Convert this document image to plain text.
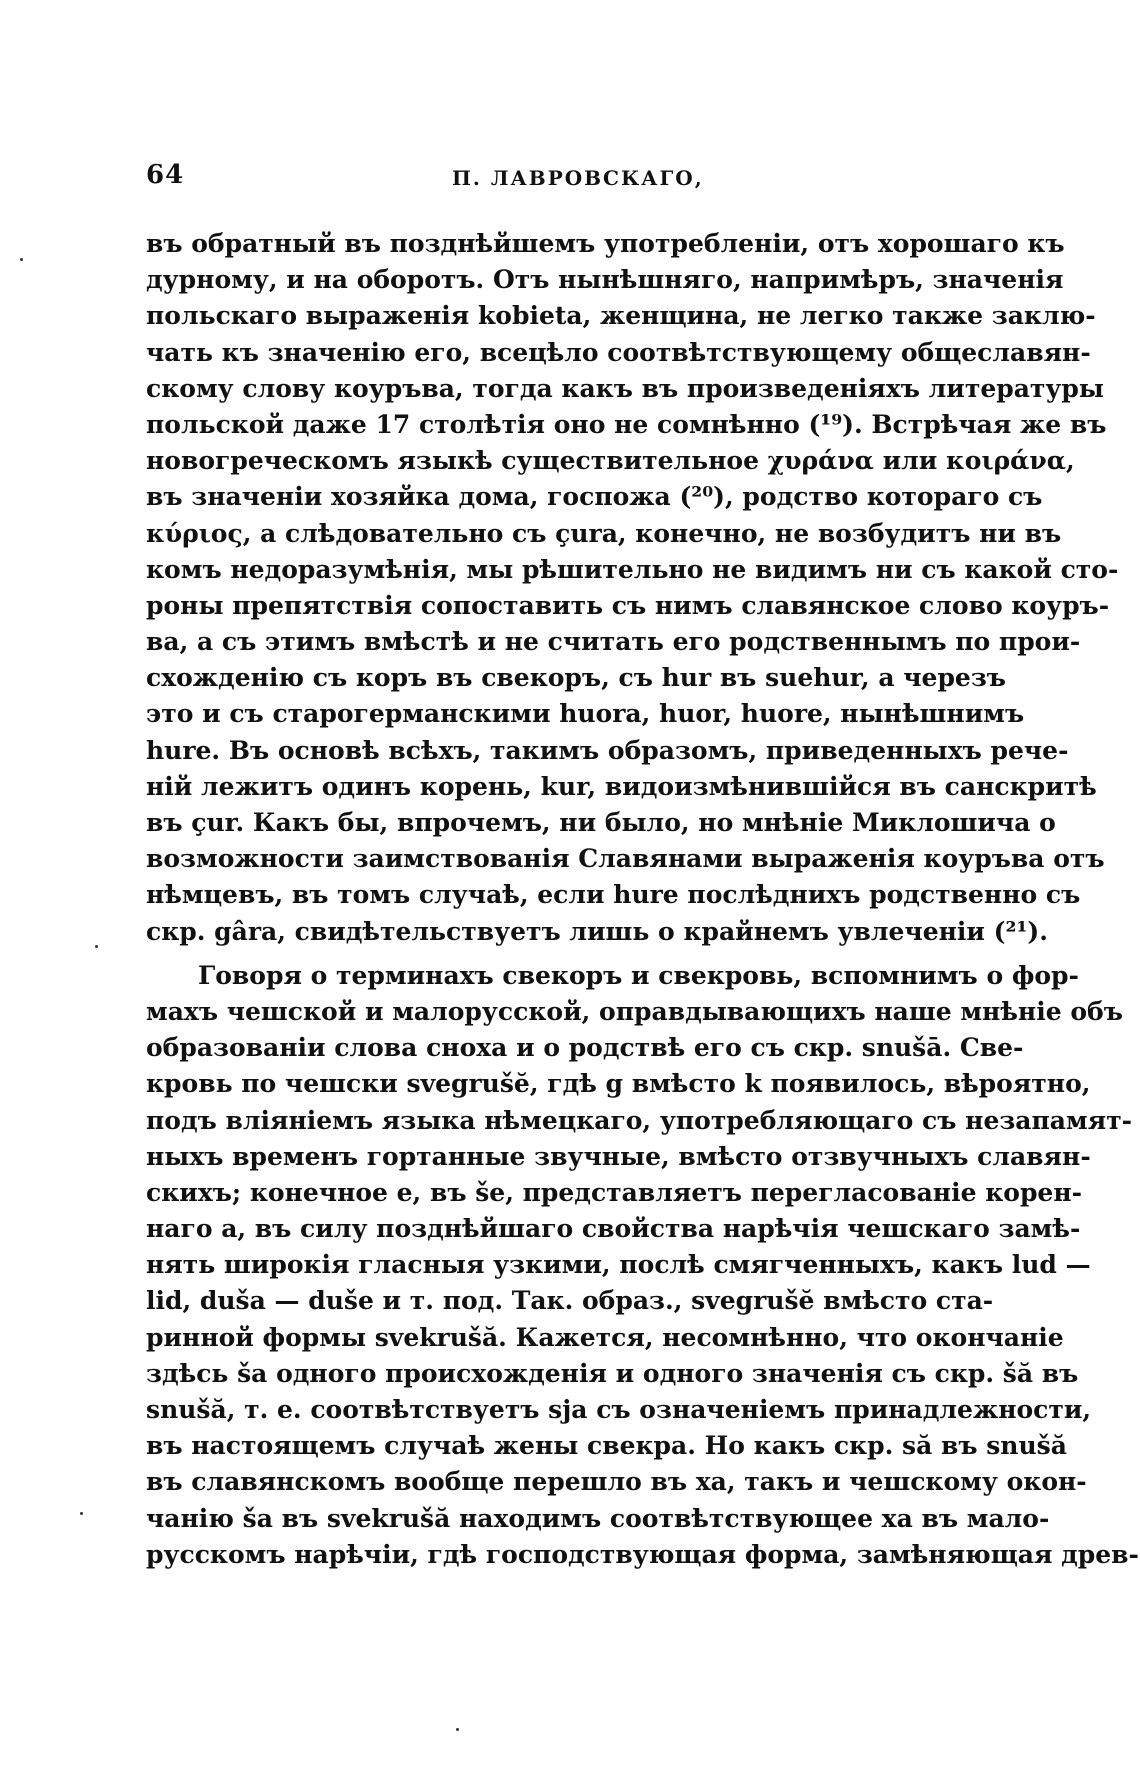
64	П. ЛАВРОВСКАГО,
въ обратный въ позднѣйшемъ употребленіи, отъ хорошаго къ
дурному, и на оборотъ. Отъ нынѣшняго, напримѣръ, значенія
польскаго выраженія kobieta, женщина, не легко также заклю-
чать къ значенію его, всецѣло соотвѣтствующему общеславян-
скому слову коуръва, тогда какъ въ произведеніяхъ литературы
польской даже 17 столѣтія оно не сомнѣнно (¹⁹). Встрѣчая же въ
новогреческомъ языкѣ существительное χυράνα или κοιράνα,
въ значеніи хозяйка дома, госпожа (²⁰), родство котораго съ
κύριος, а слѣдовательно съ çura, конечно, не возбудитъ ни въ
комъ недоразумѣнія, мы рѣшительно не видимъ ни съ какой сто-
роны препятствія сопоставить съ нимъ славянское слово коуръ-
ва, а съ этимъ вмѣстѣ и не считать его родственнымъ по прои-
схожденію съ коръ въ свекоръ, съ hur въ suehur, а черезъ
это и съ старогерманскими huora, huor, huore, нынѣшнимъ
hure. Въ основѣ всѣхъ, такимъ образомъ, приведенныхъ рече-
ній лежитъ одинъ корень, kur, видоизмѣнившійся въ санскритѣ
въ çur. Какъ бы, впрочемъ, ни было, но мнѣніе Миклошича о
возможности заимствованія Славянами выраженія коуръва отъ
нѣмцевъ, въ томъ случаѣ, если hure послѣднихъ родственно съ
скр. gâra, свидѣтельствуетъ лишь о крайнемъ увлеченіи (²¹).
Говоря о терминахъ свекоръ и свекровь, вспомнимъ о фор-
махъ чешской и малорусской, оправдывающихъ наше мнѣніе объ
образованіи слова сноха и о родствѣ его съ скр. snušā. Све-
кровь по чешски svegrušĕ, гдѣ g вмѣсто k появилось, вѣроятно,
подъ вліяніемъ языка нѣмецкаго, употребляющаго съ незапамят-
ныхъ временъ гортанные звучные, вмѣсто отзвучныхъ славян-
скихъ; конечное е, въ šе, представляетъ перегласованіе корен-
наго а, въ силу позднѣйшаго свойства нарѣчія чешскаго замѣ-
нять широкія гласныя узкими, послѣ смягченныхъ, какъ lud —
lid, duša — duše и т. под. Так. образ., svegrušĕ вмѣсто ста-
ринной формы svekrušă. Кажется, несомнѣнно, что окончаніе
здѣсь šа одного происхожденія и одного значенія съ скр. šă въ
snušă, т. е. соотвѣтствуетъ sja съ означеніемъ принадлежности,
въ настоящемъ случаѣ жены свекра. Но какъ скр. să въ snušă
въ славянскомъ вообще перешло въ ха, такъ и чешскому окон-
чанію šа въ svekrušă находимъ соотвѣтствующее ха въ мало-
русскомъ нарѣчіи, гдѣ господствующая форма, замѣняющая древ-
